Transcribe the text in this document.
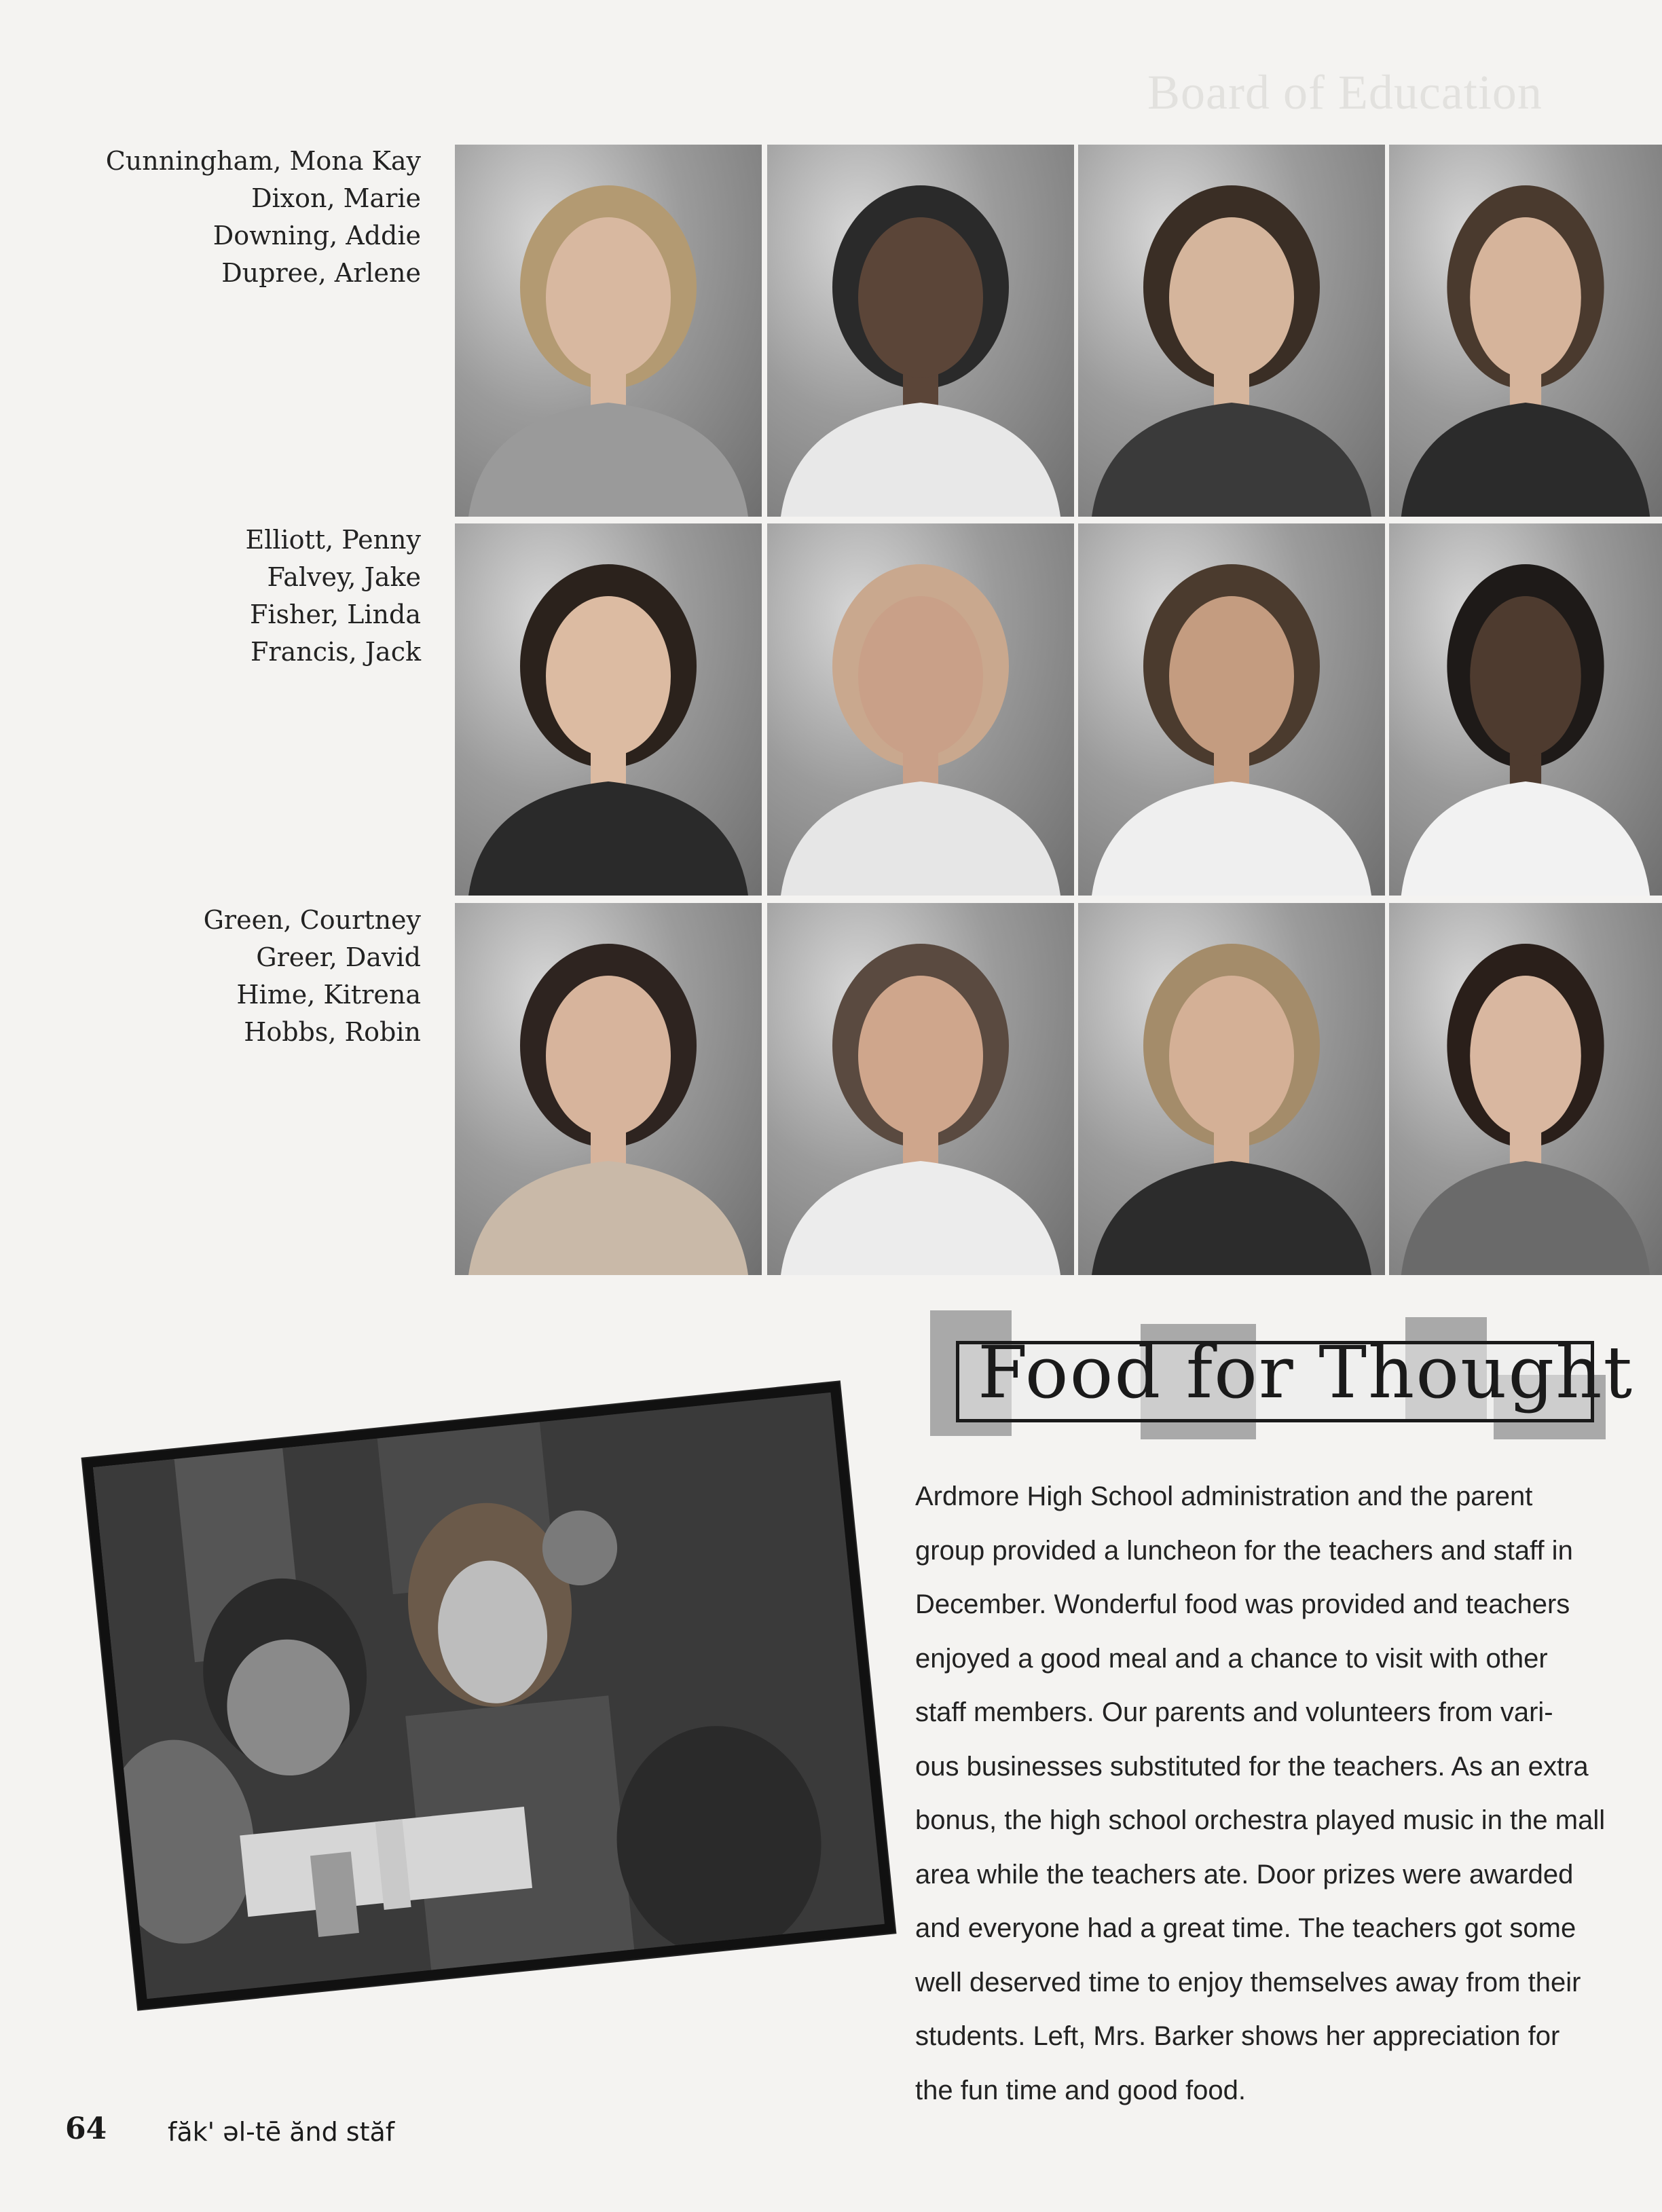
Board of Education
Cunningham, Mona Kay
Dixon, Marie
Downing, Addie
Dupree, Arlene
Elliott, Penny
Falvey, Jake
Fisher, Linda
Francis, Jack
Green, Courtney
Greer, David
Hime, Kitrena
Hobbs, Robin
Food for Thought
Ardmore High School administration and the parent
group provided a luncheon for the teachers and staff in
December. Wonderful food was provided and teachers
enjoyed a good meal and a chance to visit with other
staff members. Our parents and volunteers from vari-
ous businesses substituted for the teachers. As an extra
bonus, the high school orchestra played music in the mall
area while the teachers ate. Door prizes were awarded
and everyone had a great time. The teachers got some
well deserved time to enjoy themselves away from their
students. Left, Mrs. Barker shows her appreciation for
the fun time and good food.
64 făk' əl-tē ănd stăf
